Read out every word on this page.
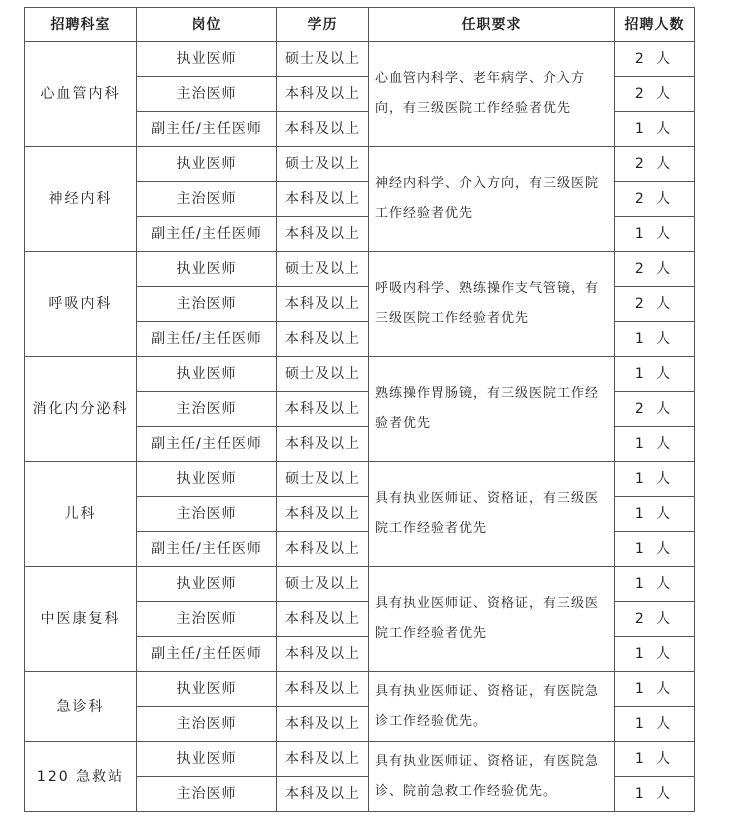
招聘科室	岗位	学历	任职要求	招聘人数
心血管内科	执业医师	硕士及以上	心血管内科学、老年病学、介入方向，有三级医院工作经验者优先	2 人
	主治医师	本科及以上		2 人
	副主任/主任医师	本科及以上		1 人
神经内科	执业医师	硕士及以上	神经内科学、介入方向，有三级医院工作经验者优先	2 人
	主治医师	本科及以上		2 人
	副主任/主任医师	本科及以上		1 人
呼吸内科	执业医师	硕士及以上	呼吸内科学、熟练操作支气管镜，有三级医院工作经验者优先	2 人
	主治医师	本科及以上		2 人
	副主任/主任医师	本科及以上		1 人
消化内分泌科	执业医师	硕士及以上	熟练操作胃肠镜，有三级医院工作经验者优先	1 人
	主治医师	本科及以上		2 人
	副主任/主任医师	本科及以上		1 人
儿科	执业医师	硕士及以上	具有执业医师证、资格证，有三级医院工作经验者优先	1 人
	主治医师	本科及以上		1 人
	副主任/主任医师	本科及以上		1 人
中医康复科	执业医师	硕士及以上	具有执业医师证、资格证，有三级医院工作经验者优先	1 人
	主治医师	本科及以上		2 人
	副主任/主任医师	本科及以上		1 人
急诊科	执业医师	本科及以上	具有执业医师证、资格证，有医院急诊工作经验优先。	1 人
	主治医师	本科及以上		1 人
120 急救站	执业医师	本科及以上	具有执业医师证、资格证，有医院急诊、院前急救工作经验优先。	1 人
	主治医师	本科及以上		1 人
